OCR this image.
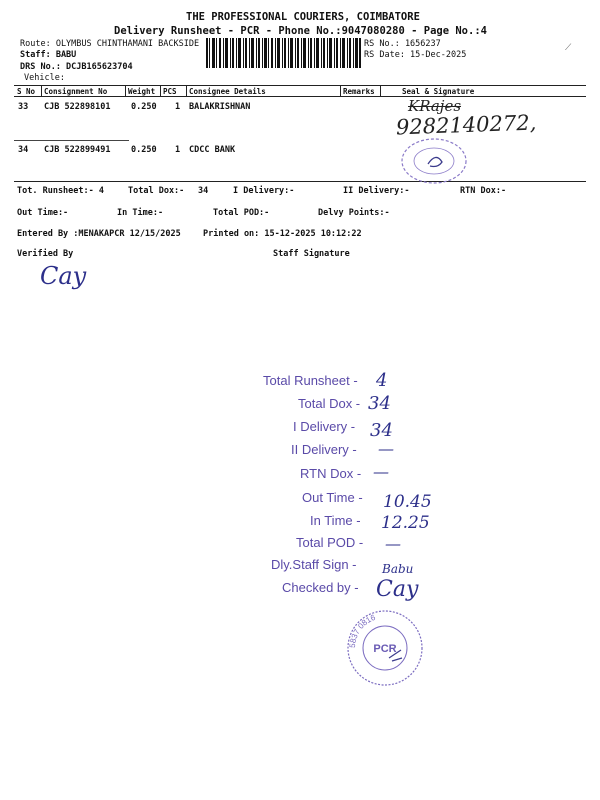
THE PROFESSIONAL COURIERS, COIMBATORE
Delivery Runsheet - PCR - Phone No.:9047080280 - Page No.:4
Route: OLYMBUS CHINTHAMANI BACKSIDE
Staff: BABU
DRS No.: DCJB165623704
Vehicle:
RS No.: 1656237
RS Date: 15-Dec-2025
⟋
S No Consignment No	Weight PCS Consignee Details	Remarks	Seal & Signature
33 CJB 522898101 0.250 1 BALAKRISHNAN
34 CJB 522899491 0.250 1 CDCC BANK
KRajes
9282140272,
Tot. Runsheet:- 4	Total Dox:- 34	I Delivery:-	II Delivery:-	RTN Dox:-
Out Time:-	In Time:-	Total POD:-	Delvy Points:-
Entered By :MENAKAPCR 12/15/2025	Printed on: 15-12-2025 10:12:22
Verified By	Staff Signature
Cay
Total Runsheet - 4
Total Dox - 34
I Delivery - 34
II Delivery - —
RTN Dox - —
Out Time - 10.45
In Time - 12.25
Total POD - —
Dly.Staff Sign - Babu
Checked by - Cay
5837 0816
PCR
